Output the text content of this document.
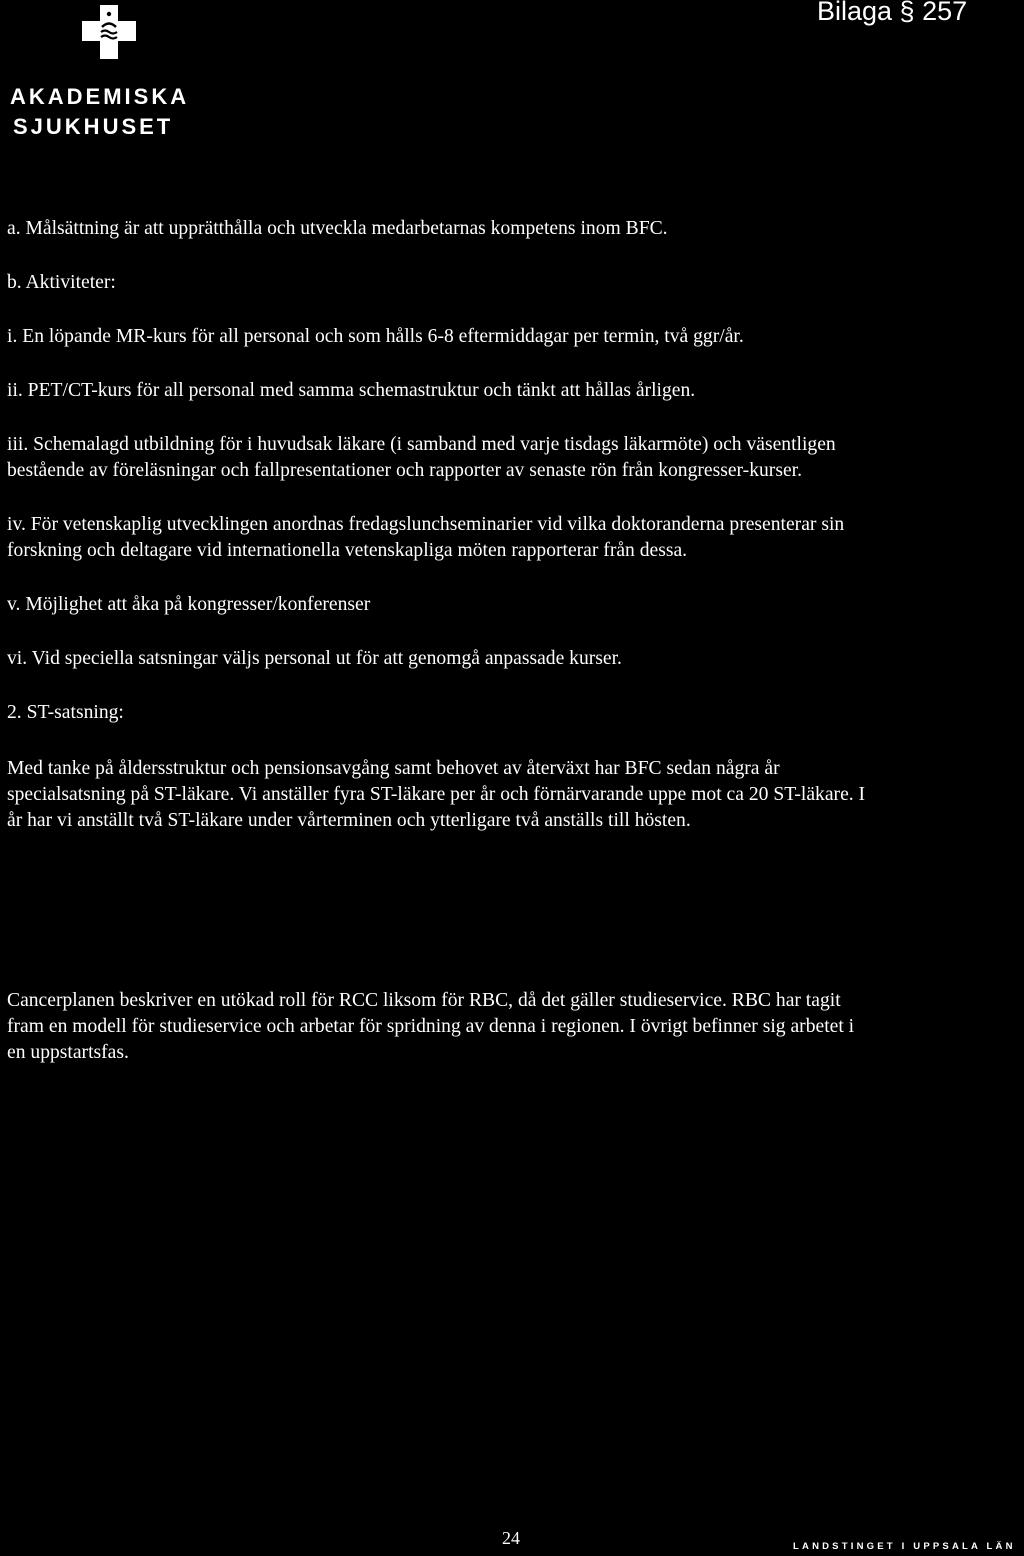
AKADEMISKA
SJUKHUSET
Bilaga § 257

a. Målsättning är att upprätthålla och utveckla medarbetarnas kompetens inom BFC.

b. Aktiviteter:

i. En löpande MR-kurs för all personal och som hålls 6-8 eftermiddagar per termin, två ggr/år.

ii. PET/CT-kurs för all personal med samma schemastruktur och tänkt att hållas årligen.

iii. Schemalagd utbildning för i huvudsak läkare (i samband med varje tisdags läkarmöte) och väsentligen
bestående av föreläsningar och fallpresentationer och rapporter av senaste rön från kongresser-kurser.

iv. För vetenskaplig utvecklingen anordnas fredagslunchseminarier vid vilka doktoranderna presenterar sin
forskning och deltagare vid internationella vetenskapliga möten rapporterar från dessa.

v. Möjlighet att åka på kongresser/konferenser

vi. Vid speciella satsningar väljs personal ut för att genomgå anpassade kurser.

2. ST-satsning:

Med tanke på åldersstruktur och pensionsavgång samt behovet av återväxt har BFC sedan några år
specialsatsning på ST-läkare. Vi anställer fyra ST-läkare per år och förnärvarande uppe mot ca 20 ST-läkare. I
år har vi anställt två ST-läkare under vårterminen och ytterligare två anställs till hösten.

Cancerplanen beskriver en utökad roll för RCC liksom för RBC, då det gäller studieservice. RBC har tagit
fram en modell för studieservice och arbetar för spridning av denna i regionen. I övrigt befinner sig arbetet i
en uppstartsfas.

24	LANDSTINGET I UPPSALA LÄN
